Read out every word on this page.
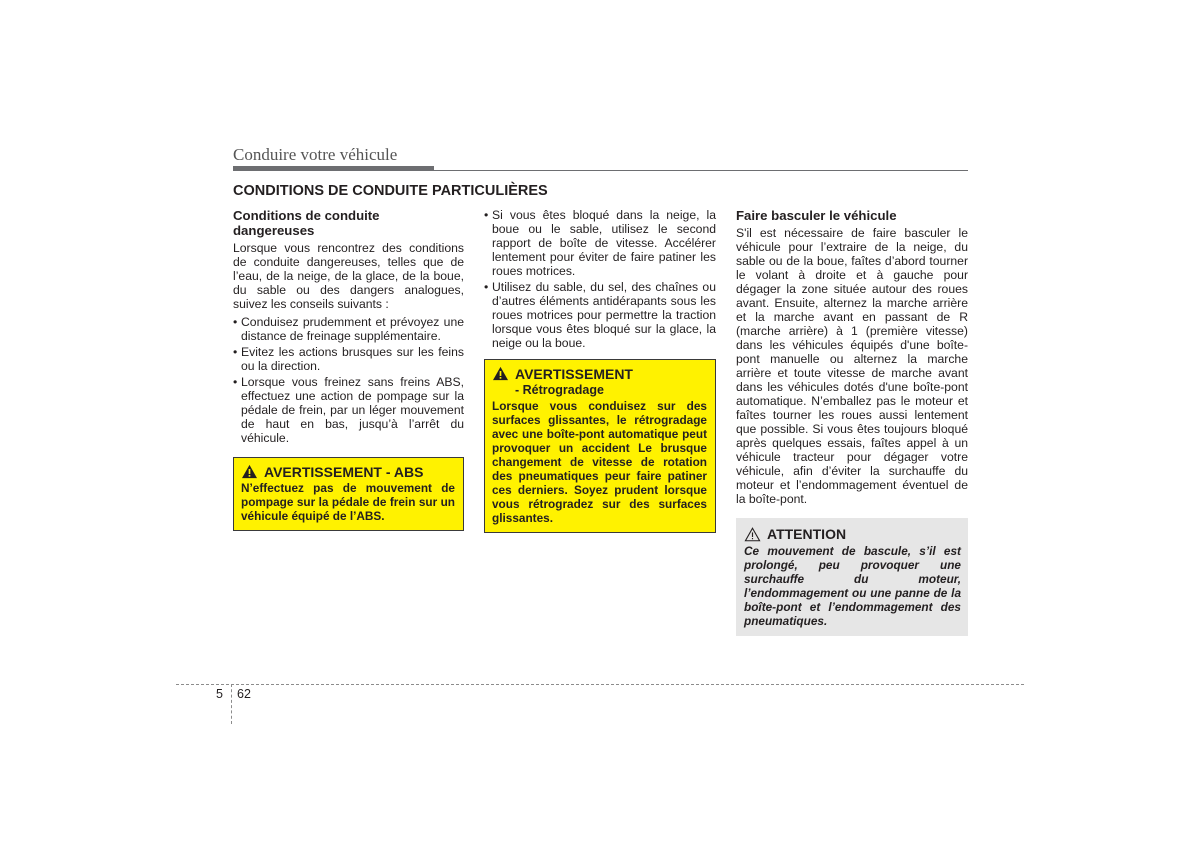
Conduire votre véhicule
CONDITIONS DE CONDUITE PARTICULIÈRES
Conditions de conduite dangereuses

Lorsque vous rencontrez des conditions de conduite dangereuses, telles que de l’eau, de la neige, de la glace, de la boue, du sable ou des dangers analogues, suivez les conseils suivants :

• Conduisez prudemment et prévoyez une distance de freinage supplémentaire.
• Evitez les actions brusques sur les feins ou la direction.
• Lorsque vous freinez sans freins ABS, effectuez une action de pompage sur la pédale de frein, par un léger mouvement de haut en bas, jusqu’à l’arrêt du véhicule.
AVERTISSEMENT - ABS

N’effectuez pas de mouvement de pompage sur la pédale de frein sur un véhicule équipé de l’ABS.

• Si vous êtes bloqué dans la neige, la boue ou le sable, utilisez le second rapport de boîte de vitesse. Accélérer lentement pour éviter de faire patiner les roues motrices.
• Utilisez du sable, du sel, des chaînes ou d’autres éléments antidérapants sous les roues motrices pour permettre la traction lorsque vous êtes bloqué sur la glace, la neige ou la boue.
AVERTISSEMENT
- Rétrogradage

Lorsque vous conduisez sur des surfaces glissantes, le rétrogradage avec une boîte-pont automatique peut provoquer un accident Le brusque changement de vitesse de rotation des pneumatiques peur faire patiner ces derniers. Soyez prudent lorsque vous rétrogradez sur des surfaces glissantes.

Faire basculer le véhicule

S'il est nécessaire de faire basculer le véhicule pour l’extraire de la neige, du sable ou de la boue, faîtes d’abord tourner le volant à droite et à gauche pour dégager la zone située autour des roues avant. Ensuite, alternez la marche arrière et la marche avant en passant de R (marche arrière) à 1 (première vitesse) dans les véhicules équipés d'une boîte-pont manuelle ou alternez la marche arrière et toute vitesse de marche avant dans les véhicules dotés d'une boîte-pont automatique. N’emballez pas le moteur et faîtes tourner les roues aussi lentement que possible. Si vous êtes toujours bloqué après quelques essais, faîtes appel à un véhicule tracteur pour dégager votre véhicule, afin d’éviter la surchauffe du moteur et l’endommagement éventuel de la boîte-pont.

ATTENTION

Ce mouvement de bascule, s’il est prolongé, peu provoquer une surchauffe du moteur, l’endommagement ou une panne de la boîte-pont et l’endommagement des pneumatiques.

5 62
